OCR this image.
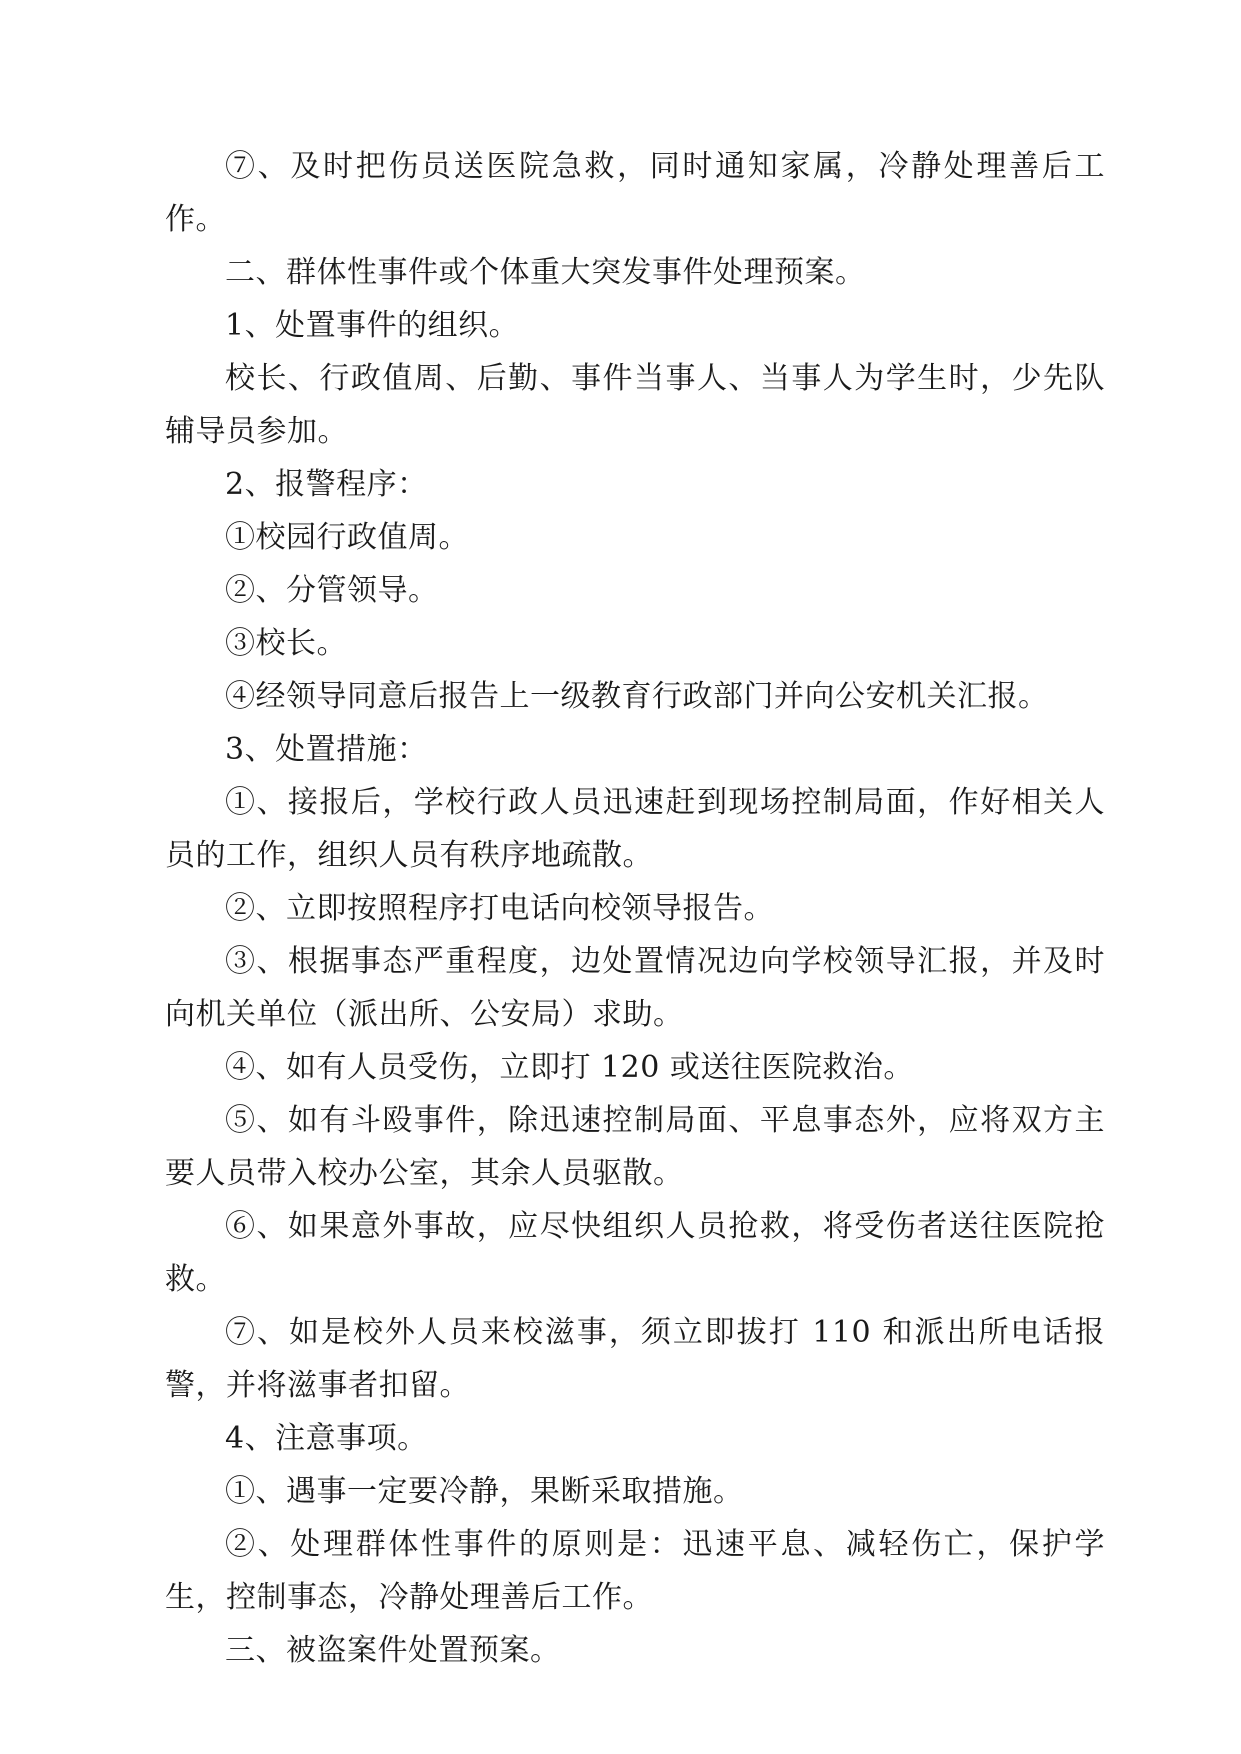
⑦、及时把伤员送医院急救，同时通知家属，冷静处理善后工作。

二、群体性事件或个体重大突发事件处理预案。

1、处置事件的组织。

校长、行政值周、后勤、事件当事人、当事人为学生时，少先队辅导员参加。

2、报警程序：

①校园行政值周。

②、分管领导。

③校长。

④经领导同意后报告上一级教育行政部门并向公安机关汇报。

3、处置措施：

①、接报后，学校行政人员迅速赶到现场控制局面，作好相关人员的工作，组织人员有秩序地疏散。

②、立即按照程序打电话向校领导报告。

③、根据事态严重程度，边处置情况边向学校领导汇报，并及时向机关单位（派出所、公安局）求助。

④、如有人员受伤，立即打 120 或送往医院救治。

⑤、如有斗殴事件，除迅速控制局面、平息事态外，应将双方主要人员带入校办公室，其余人员驱散。

⑥、如果意外事故，应尽快组织人员抢救，将受伤者送往医院抢救。

⑦、如是校外人员来校滋事，须立即拔打 110 和派出所电话报警，并将滋事者扣留。

4、注意事项。

①、遇事一定要冷静，果断采取措施。

②、处理群体性事件的原则是：迅速平息、减轻伤亡，保护学生，控制事态，冷静处理善后工作。

三、被盗案件处置预案。
